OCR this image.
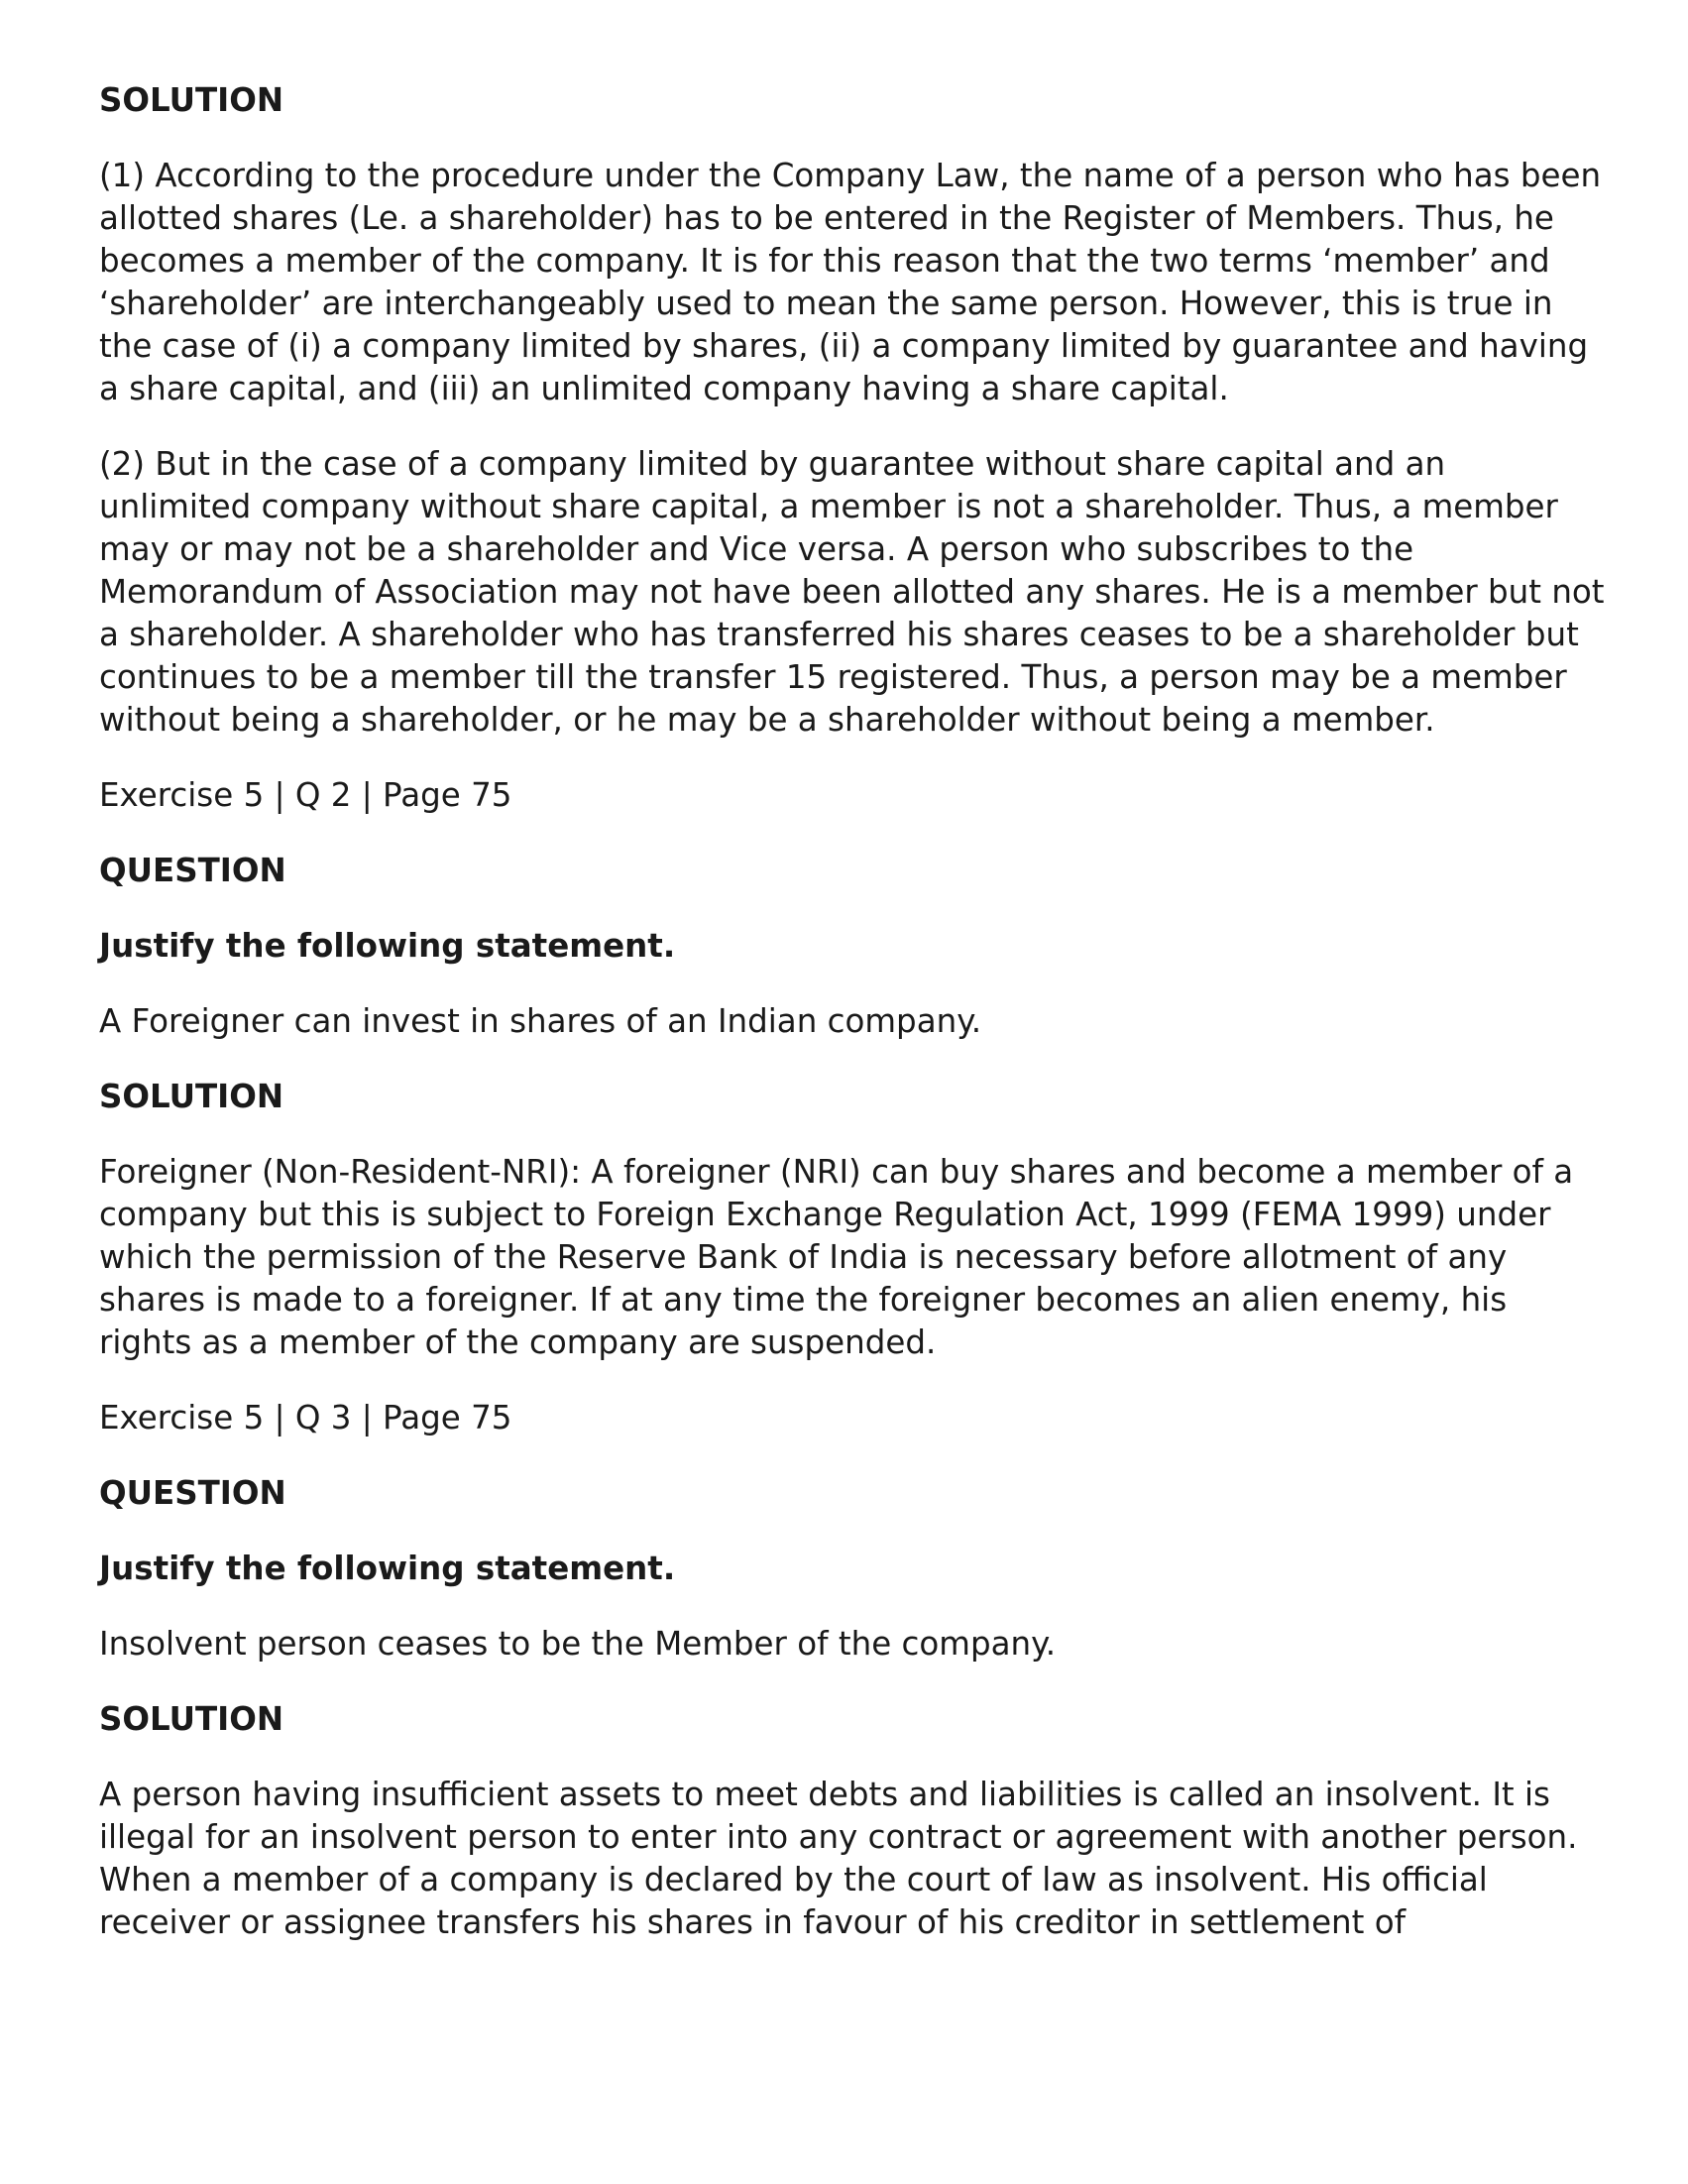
SOLUTION
(1) According to the procedure under the Company Law, the name of a person who has been allotted shares (Le. a shareholder) has to be entered in the Register of Members. Thus, he becomes a member of the company. It is for this reason that the two terms ‘member’ and ‘shareholder’ are interchangeably used to mean the same person. However, this is true in the case of (i) a company limited by shares, (ii) a company limited by guarantee and having a share capital, and (iii) an unlimited company having a share capital.
(2) But in the case of a company limited by guarantee without share capital and an unlimited company without share capital, a member is not a shareholder. Thus, a member may or may not be a shareholder and Vice versa. A person who subscribes to the Memorandum of Association may not have been allotted any shares. He is a member but not a shareholder. A shareholder who has transferred his shares ceases to be a shareholder but continues to be a member till the transfer 15 registered. Thus, a person may be a member without being a shareholder, or he may be a shareholder without being a member.
Exercise 5 | Q 2 | Page 75
QUESTION
Justify the following statement.
A Foreigner can invest in shares of an Indian company.
SOLUTION
Foreigner (Non-Resident-NRI): A foreigner (NRI) can buy shares and become a member of a company but this is subject to Foreign Exchange Regulation Act, 1999 (FEMA 1999) under which the permission of the Reserve Bank of India is necessary before allotment of any shares is made to a foreigner. If at any time the foreigner becomes an alien enemy, his rights as a member of the company are suspended.
Exercise 5 | Q 3 | Page 75
QUESTION
Justify the following statement.
Insolvent person ceases to be the Member of the company.
SOLUTION
A person having insufficient assets to meet debts and liabilities is called an insolvent. It is illegal for an insolvent person to enter into any contract or agreement with another person. When a member of a company is declared by the court of law as insolvent. His official receiver or assignee transfers his shares in favour of his creditor in settlement of
